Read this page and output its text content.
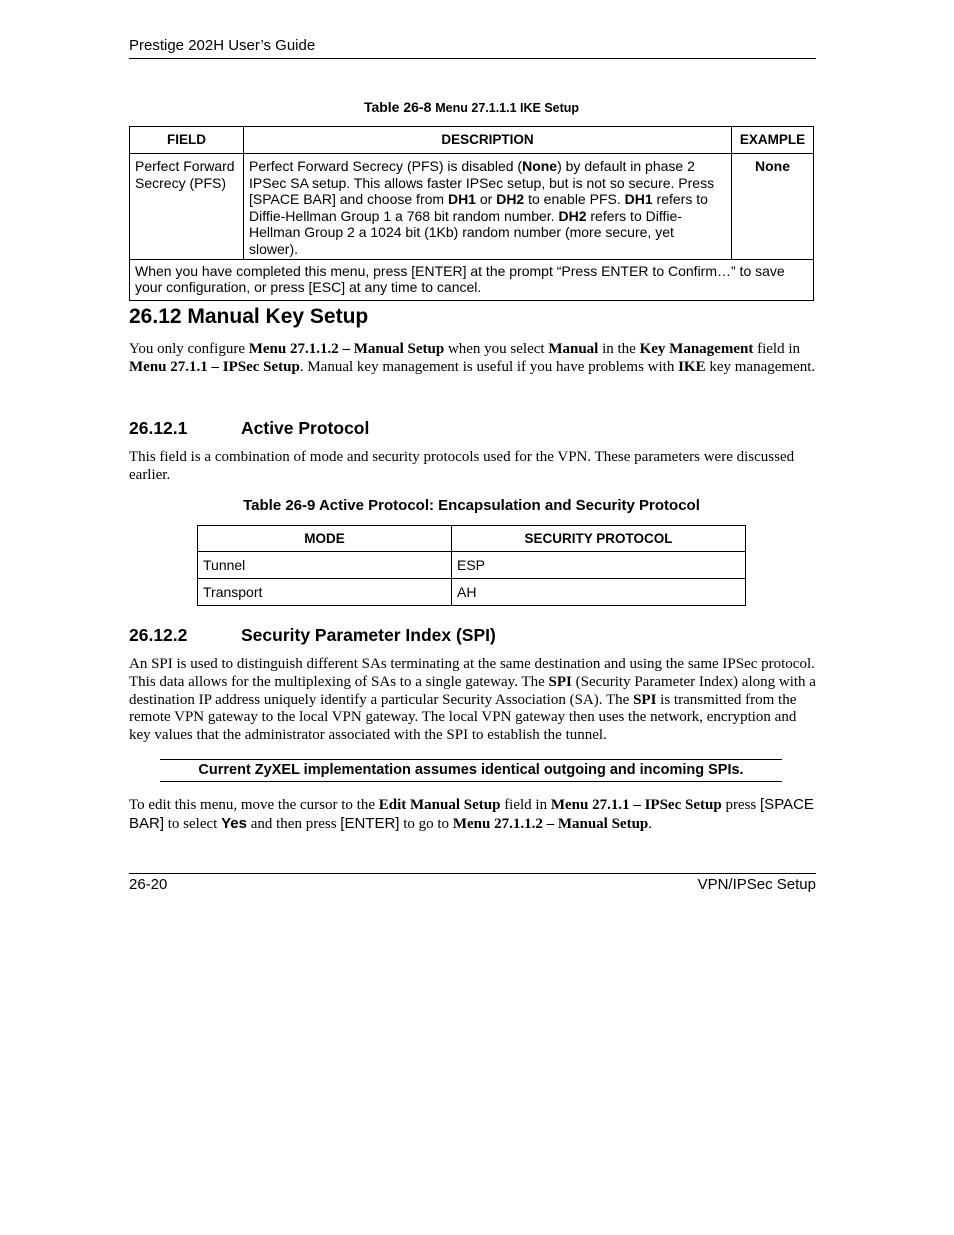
Prestige 202H User’s Guide
Table 26-8 Menu 27.1.1.1 IKE Setup
FIELD	DESCRIPTION	EXAMPLE
Perfect Forward Secrecy (PFS)	Perfect Forward Secrecy (PFS) is disabled (None) by default in phase 2 IPSec SA setup. This allows faster IPSec setup, but is not so secure. Press [SPACE BAR] and choose from DH1 or DH2 to enable PFS. DH1 refers to Diffie-Hellman Group 1 a 768 bit random number. DH2 refers to Diffie-Hellman Group 2 a 1024 bit (1Kb) random number (more secure, yet slower).	None
When you have completed this menu, press [ENTER] at the prompt “Press ENTER to Confirm…” to save your configuration, or press [ESC] at any time to cancel.		
26.12 Manual Key Setup

You only configure Menu 27.1.1.2 – Manual Setup when you select Manual in the Key Management field in Menu 27.1.1 – IPSec Setup. Manual key management is useful if you have problems with IKE key management.

26.12.1	Active Protocol

This field is a combination of mode and security protocols used for the VPN. These parameters were discussed earlier.

Table 26-9 Active Protocol: Encapsulation and Security Protocol
MODE	SECURITY PROTOCOL
Tunnel	ESP
Transport	AH
26.12.2	Security Parameter Index (SPI)

An SPI is used to distinguish different SAs terminating at the same destination and using the same IPSec protocol. This data allows for the multiplexing of SAs to a single gateway. The SPI (Security Parameter Index) along with a destination IP address uniquely identify a particular Security Association (SA). The SPI is transmitted from the remote VPN gateway to the local VPN gateway. The local VPN gateway then uses the network, encryption and key values that the administrator associated with the SPI to establish the tunnel.

Current ZyXEL implementation assumes identical outgoing and incoming SPIs.

To edit this menu, move the cursor to the Edit Manual Setup field in Menu 27.1.1 – IPSec Setup press [SPACE BAR] to select Yes and then press [ENTER] to go to Menu 27.1.1.2 – Manual Setup.

26-20	VPN/IPSec Setup
